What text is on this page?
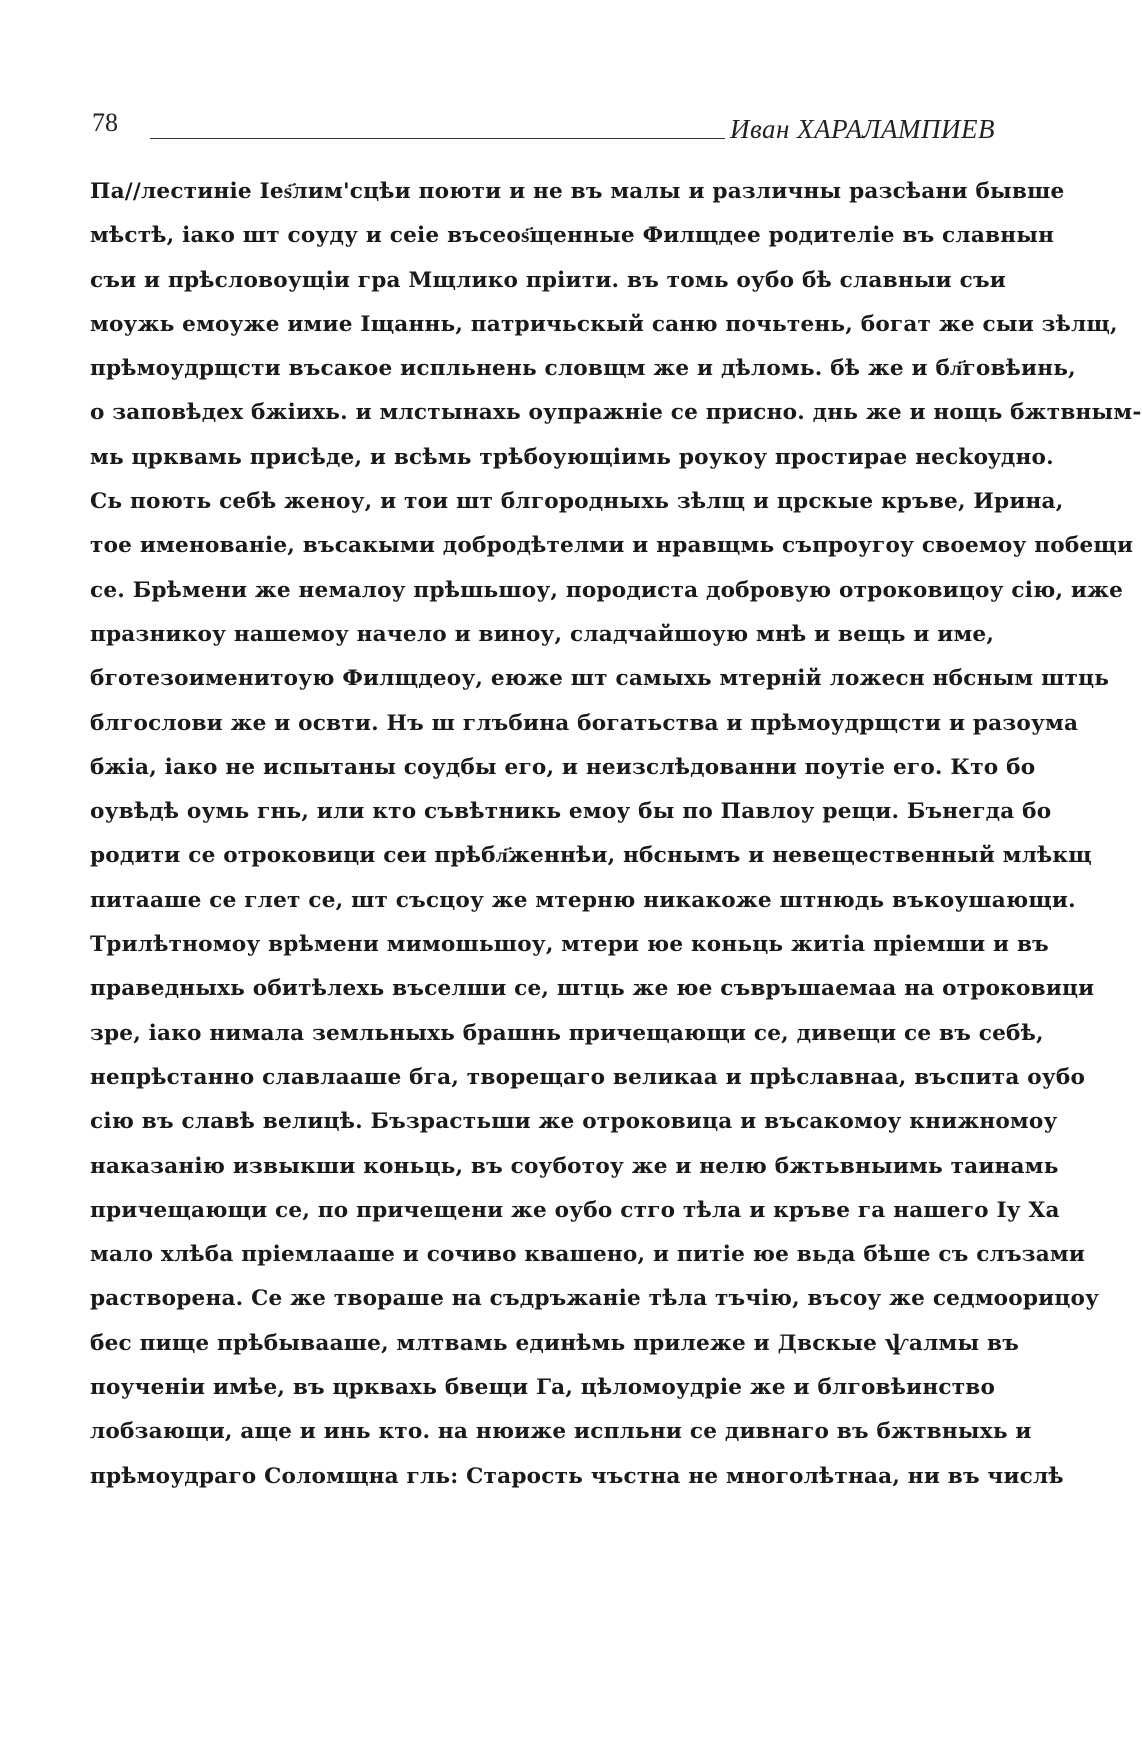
78	Иван ХАРАЛАМПИЕВ
Па//лестиніе Іеѕ҃лим'сцѣи поюти и не въ малы и различны разсѣани бывше
мѣстѣ, іако шт соуду и сеіе въсеоѕ҃щенные Филщдее родителіе въ славнын
съи и прѣсловоущіи гра Мщлико пріити. въ томь оубо бѣ славныи съи
моужь емоуже имие Іщаннь, патричьскый саню почьтень, богат же сыи зѣлщ,
прѣмоудрщсти въсакое испльнень словщм же и дѣломь. бѣ же и бл҃говѣинь,
о заповѣдех бжіихь. и млстынахь оупражнiе се присно. днь же и нощь бжтвным-
мь црквамь присѣде, и всѣмь трѣбоующіимь роукоу простирае несkoyдно.
Сь поють себѣ женоу, и тои шт блгородныхь зѣлщ и црскые кръве, Ирина,
тое именованіе, въсакыми добродѣтелми и нравщмь съпроугоу своемоу побещи
се. Брѣмени же немалоу прѣшьшоу, породиста добровую отроковицоу сію, иже
празникоу нашемоу начело и виноу, сладчайшоую мнѣ и вещь и име,
бготезоименитоую Филщдеоу, еюже шт самыхь мтерній ложесн нбсным штць
блгослови же и освти. Нъ ш глъбина богатьства и прѣмоудрщсти и разоума
бжіа, іако не испытаны соудбы его, и неизслѣдованни поутіе его. Кто бо
оувѣдѣ оумь гнь, или кто съвѣтникь емоу бы по Павлоу рещи. Бънегда бо
родити се отроковици сеи прѣбл҃женнѣи, нбснымъ и невещественный млѣкщ
питааше се глет се, шт съсцоу же мтерню никакоже штнюдь въкоушающи.
Трилѣтномоу врѣмени мимошьшоу, мтери юе коньць житіа пріемши и въ
праведныхь обитѣлехь въселши се, штць же юе съвръшаемаа на отроковици
зре, іако нимала земльныхь брашнь причещающи се, дивещи се въ себѣ,
непрѣстанно славлааше бга, творещаго великаа и прѣславнаа, въспита оубо
сію въ славѣ велицѣ. Бъзрастьши же отроковица и въсакомоу книжномоу
наказанію извыкши коньць, въ соуботоу же и нелю бжтьвныимь таинамь
причещающи се, по причещени же оубо стго тѣла и кръве га нашего Іу Ха
мало хлѣба пріемлааше и сочиво квашено, и питіе юе вьда бѣше съ слъзами
растворена. Се же твораше на съдръжаніе тѣла тъчію, въсоу же седмоорицоу
бес пище прѣбывааше, млтвамь единѣмь прилеже и Двскые ѱалмы въ
поученіи имѣе, въ црквахь бвещи Га, цѣломоудріе же и блговѣинство
лобзающи, аще и инь кто. на нюиже испльни се дивнаго въ бжтвныхь и
прѣмоудраго Соломщна гль: Старость чъстна не многолѣтнаа, ни въ числѣ
